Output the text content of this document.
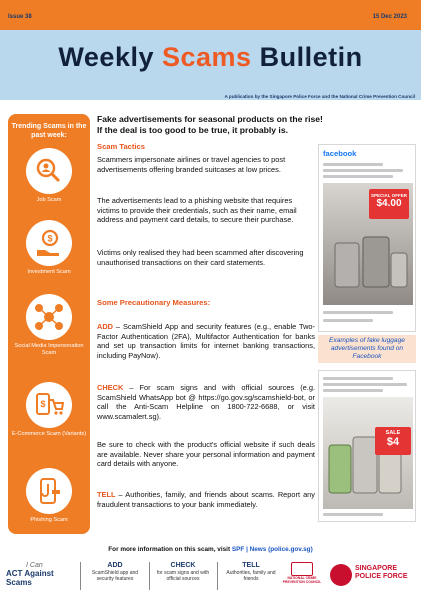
Issue 38	15 Dec 2023
Weekly Scams Bulletin
A publication by the Singapore Police Force and the National Crime Prevention Council
Trending Scams in the past week:
Job Scam
$
Investment Scam
Social Media Impersonation Scam
$
E-Commerce Scam (Variants)
Phishing Scam
Fake advertisements for seasonal products on the rise!
If the deal is too good to be true, it probably is.
Scam Tactics
Scammers impersonate airlines or travel agencies to post advertisements offering branded suitcases at low prices.
The advertisements lead to a phishing website that requires victims to provide their credentials, such as their name, email address and payment card details, to secure their purchase.
Victims only realised they had been scammed after discovering unauthorised transactions on their card statements.
Some Precautionary Measures:
ADD – ScamShield App and security features (e.g., enable Two-Factor Authentication (2FA), Multifactor Authentication for banks and set up transaction limits for internet banking transactions, including PayNow).
CHECK – For scam signs and with official sources (e.g. ScamShield WhatsApp bot @ https://go.gov.sg/scamshield-bot, or call the Anti-Scam Helpline on 1800-722-6688, or visit www.scamalert.sg).
Be sure to check with the product's official website if such deals are available. Never share your personal information and payment card details with anyone.
TELL – Authorities, family, and friends about scams. Report any fraudulent transactions to your bank immediately.
facebook
SPECIAL OFFER
$4.00
Examples of fake luggage advertisements found on Facebook
SALE
$4
For more information on this scam, visit SPF | News (police.gov.sg)
I Can
ACT Against Scams
ADD
ScamShield app and security features
CHECK
for scam signs and with official sources
TELL
Authorities, family and friends	NATIONAL CRIME PREVENTION COUNCIL
SINGAPORE POLICE FORCE
